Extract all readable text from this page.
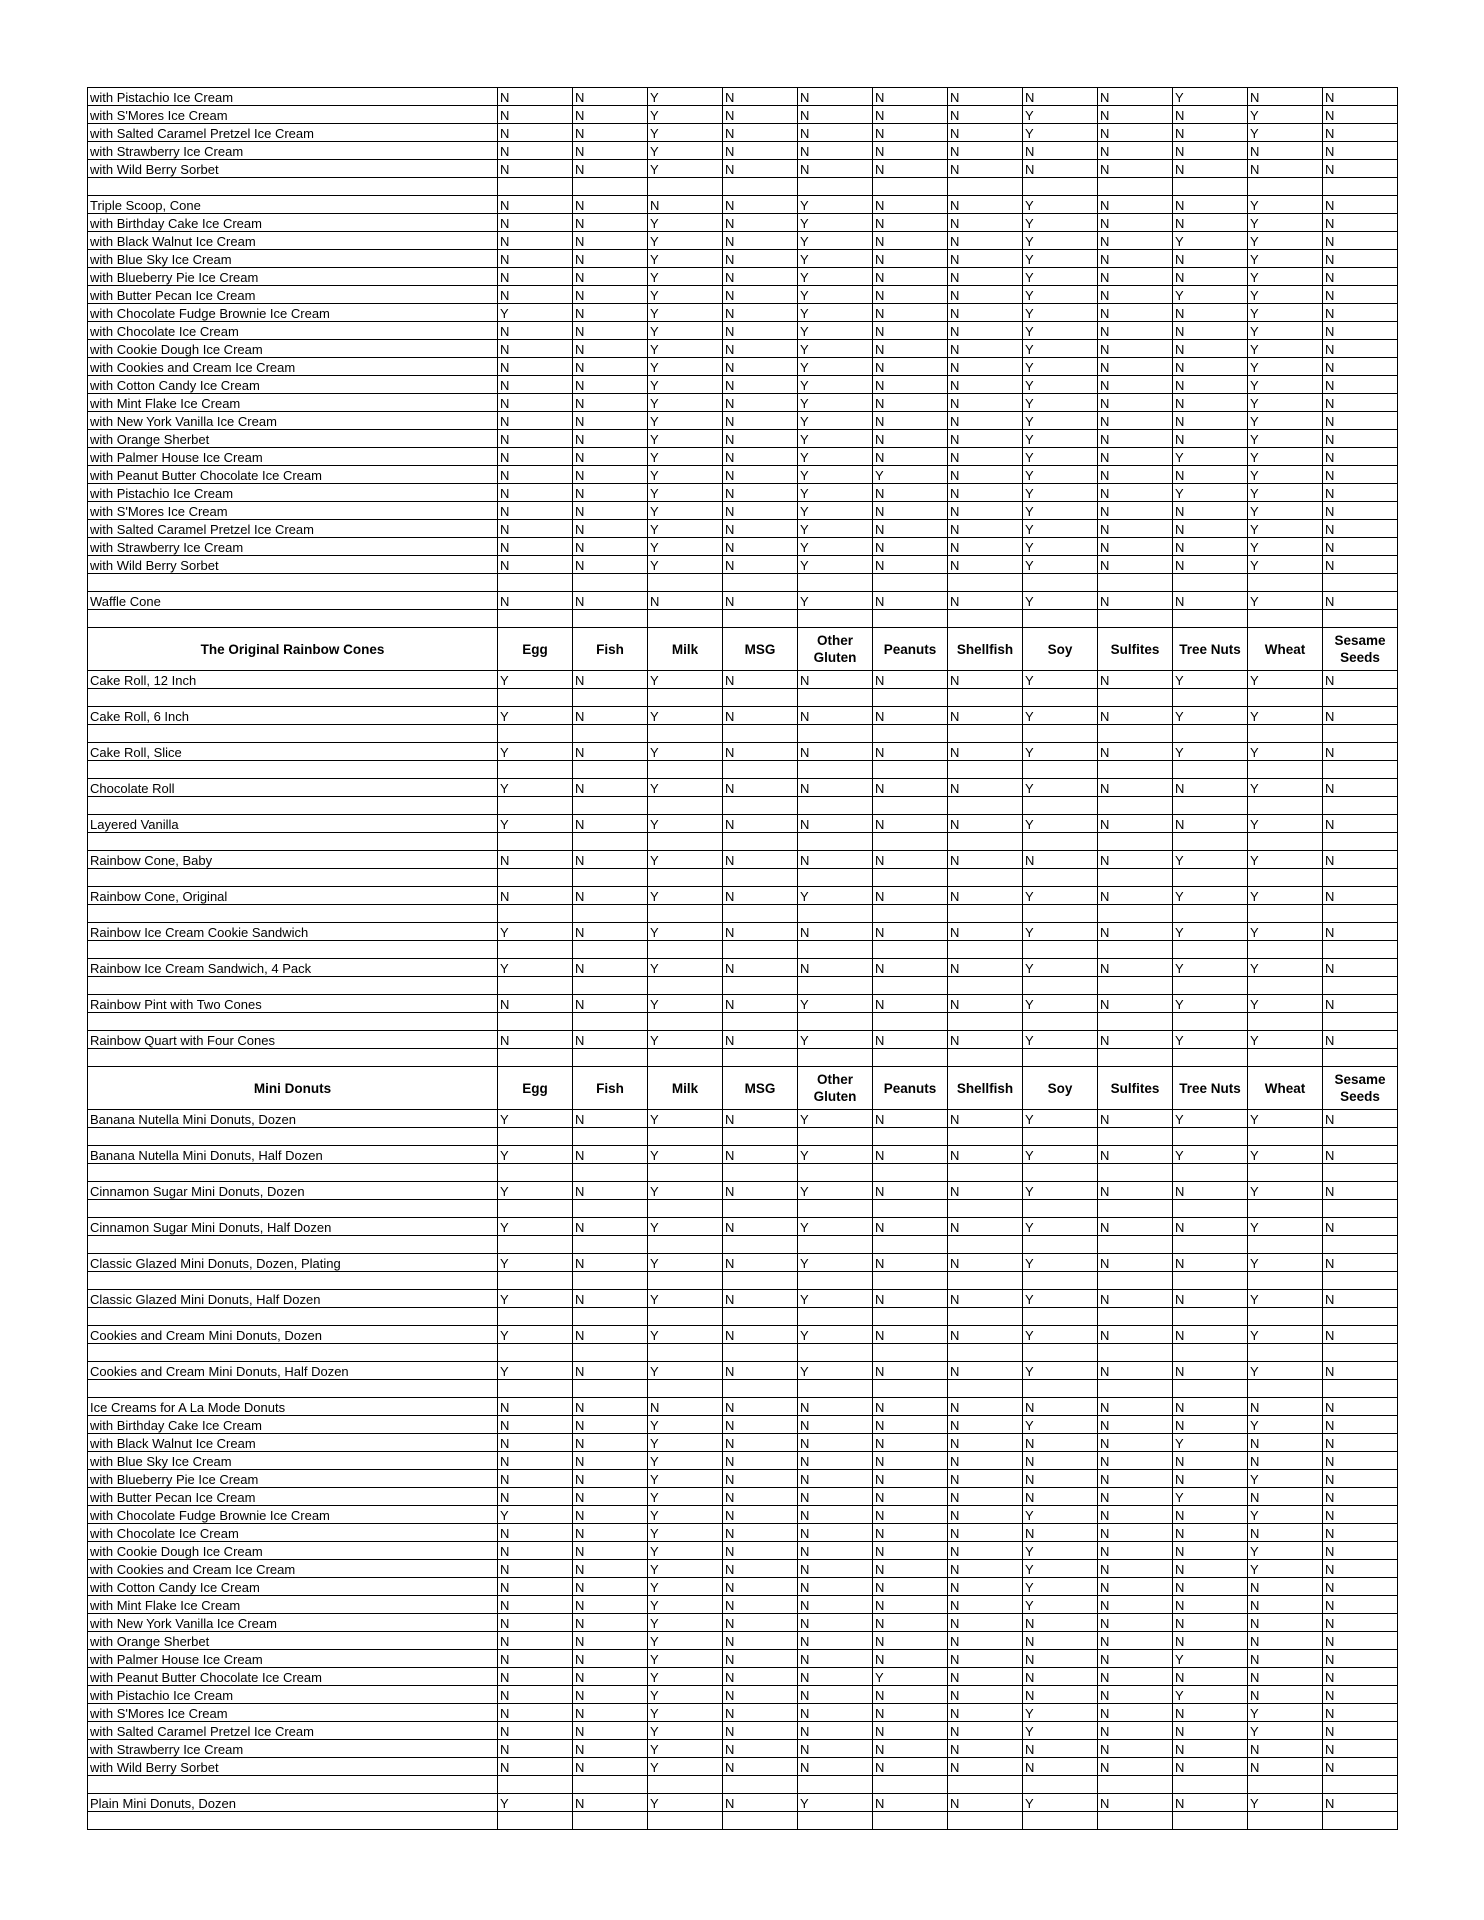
with Pistachio Ice Cream	N	N	Y	N	N	N	N	N	N	Y	N	N
with S'Mores Ice Cream	N	N	Y	N	N	N	N	Y	N	N	Y	N
with Salted Caramel Pretzel Ice Cream	N	N	Y	N	N	N	N	Y	N	N	Y	N
with Strawberry Ice Cream	N	N	Y	N	N	N	N	N	N	N	N	N
with Wild Berry Sorbet	N	N	Y	N	N	N	N	N	N	N	N	N

Triple Scoop, Cone	N	N	N	N	Y	N	N	Y	N	N	Y	N
with Birthday Cake Ice Cream	N	N	Y	N	Y	N	N	Y	N	N	Y	N
with Black Walnut Ice Cream	N	N	Y	N	Y	N	N	Y	N	Y	Y	N
with Blue Sky Ice Cream	N	N	Y	N	Y	N	N	Y	N	N	Y	N
with Blueberry Pie Ice Cream	N	N	Y	N	Y	N	N	Y	N	N	Y	N
with Butter Pecan Ice Cream	N	N	Y	N	Y	N	N	Y	N	Y	Y	N
with Chocolate Fudge Brownie Ice Cream	Y	N	Y	N	Y	N	N	Y	N	N	Y	N
with Chocolate Ice Cream	N	N	Y	N	Y	N	N	Y	N	N	Y	N
with Cookie Dough Ice Cream	N	N	Y	N	Y	N	N	Y	N	N	Y	N
with Cookies and Cream Ice Cream	N	N	Y	N	Y	N	N	Y	N	N	Y	N
with Cotton Candy Ice Cream	N	N	Y	N	Y	N	N	Y	N	N	Y	N
with Mint Flake Ice Cream	N	N	Y	N	Y	N	N	Y	N	N	Y	N
with New York Vanilla Ice Cream	N	N	Y	N	Y	N	N	Y	N	N	Y	N
with Orange Sherbet	N	N	Y	N	Y	N	N	Y	N	N	Y	N
with Palmer House Ice Cream	N	N	Y	N	Y	N	N	Y	N	Y	Y	N
with Peanut Butter Chocolate Ice Cream	N	N	Y	N	Y	Y	N	Y	N	N	Y	N
with Pistachio Ice Cream	N	N	Y	N	Y	N	N	Y	N	Y	Y	N
with S'Mores Ice Cream	N	N	Y	N	Y	N	N	Y	N	N	Y	N
with Salted Caramel Pretzel Ice Cream	N	N	Y	N	Y	N	N	Y	N	N	Y	N
with Strawberry Ice Cream	N	N	Y	N	Y	N	N	Y	N	N	Y	N
with Wild Berry Sorbet	N	N	Y	N	Y	N	N	Y	N	N	Y	N

Waffle Cone	N	N	N	N	Y	N	N	Y	N	N	Y	N

The Original Rainbow Cones	Egg	Fish	Milk	MSG	Other Gluten	Peanuts	Shellfish	Soy	Sulfites	Tree Nuts	Wheat	Sesame Seeds
Cake Roll, 12 Inch	Y	N	Y	N	N	N	N	Y	N	Y	Y	N

Cake Roll, 6 Inch	Y	N	Y	N	N	N	N	Y	N	Y	Y	N

Cake Roll, Slice	Y	N	Y	N	N	N	N	Y	N	Y	Y	N

Chocolate Roll	Y	N	Y	N	N	N	N	Y	N	N	Y	N

Layered Vanilla	Y	N	Y	N	N	N	N	Y	N	N	Y	N

Rainbow Cone, Baby	N	N	Y	N	N	N	N	N	N	Y	Y	N

Rainbow Cone, Original	N	N	Y	N	Y	N	N	Y	N	Y	Y	N

Rainbow Ice Cream Cookie Sandwich	Y	N	Y	N	N	N	N	Y	N	Y	Y	N

Rainbow Ice Cream Sandwich, 4 Pack	Y	N	Y	N	N	N	N	Y	N	Y	Y	N

Rainbow Pint with Two Cones	N	N	Y	N	Y	N	N	Y	N	Y	Y	N

Rainbow Quart with Four Cones	N	N	Y	N	Y	N	N	Y	N	Y	Y	N

Mini Donuts	Egg	Fish	Milk	MSG	Other Gluten	Peanuts	Shellfish	Soy	Sulfites	Tree Nuts	Wheat	Sesame Seeds
Banana Nutella Mini Donuts, Dozen	Y	N	Y	N	Y	N	N	Y	N	Y	Y	N

Banana Nutella Mini Donuts, Half Dozen	Y	N	Y	N	Y	N	N	Y	N	Y	Y	N

Cinnamon Sugar Mini Donuts, Dozen	Y	N	Y	N	Y	N	N	Y	N	N	Y	N

Cinnamon Sugar Mini Donuts, Half Dozen	Y	N	Y	N	Y	N	N	Y	N	N	Y	N

Classic Glazed Mini Donuts, Dozen, Plating	Y	N	Y	N	Y	N	N	Y	N	N	Y	N

Classic Glazed Mini Donuts, Half Dozen	Y	N	Y	N	Y	N	N	Y	N	N	Y	N

Cookies and Cream Mini Donuts, Dozen	Y	N	Y	N	Y	N	N	Y	N	N	Y	N

Cookies and Cream Mini Donuts, Half Dozen	Y	N	Y	N	Y	N	N	Y	N	N	Y	N

Ice Creams for A La Mode Donuts	N	N	N	N	N	N	N	N	N	N	N	N
with Birthday Cake Ice Cream	N	N	Y	N	N	N	N	Y	N	N	Y	N
with Black Walnut Ice Cream	N	N	Y	N	N	N	N	N	N	Y	N	N
with Blue Sky Ice Cream	N	N	Y	N	N	N	N	N	N	N	N	N
with Blueberry Pie Ice Cream	N	N	Y	N	N	N	N	N	N	N	Y	N
with Butter Pecan Ice Cream	N	N	Y	N	N	N	N	N	N	Y	N	N
with Chocolate Fudge Brownie Ice Cream	Y	N	Y	N	N	N	N	Y	N	N	Y	N
with Chocolate Ice Cream	N	N	Y	N	N	N	N	N	N	N	N	N
with Cookie Dough Ice Cream	N	N	Y	N	N	N	N	Y	N	N	Y	N
with Cookies and Cream Ice Cream	N	N	Y	N	N	N	N	Y	N	N	Y	N
with Cotton Candy Ice Cream	N	N	Y	N	N	N	N	Y	N	N	N	N
with Mint Flake Ice Cream	N	N	Y	N	N	N	N	Y	N	N	N	N
with New York Vanilla Ice Cream	N	N	Y	N	N	N	N	N	N	N	N	N
with Orange Sherbet	N	N	Y	N	N	N	N	N	N	N	N	N
with Palmer House Ice Cream	N	N	Y	N	N	N	N	N	N	Y	N	N
with Peanut Butter Chocolate Ice Cream	N	N	Y	N	N	Y	N	N	N	N	N	N
with Pistachio Ice Cream	N	N	Y	N	N	N	N	N	N	Y	N	N
with S'Mores Ice Cream	N	N	Y	N	N	N	N	Y	N	N	Y	N
with Salted Caramel Pretzel Ice Cream	N	N	Y	N	N	N	N	Y	N	N	Y	N
with Strawberry Ice Cream	N	N	Y	N	N	N	N	N	N	N	N	N
with Wild Berry Sorbet	N	N	Y	N	N	N	N	N	N	N	N	N

Plain Mini Donuts, Dozen	Y	N	Y	N	Y	N	N	Y	N	N	Y	N
